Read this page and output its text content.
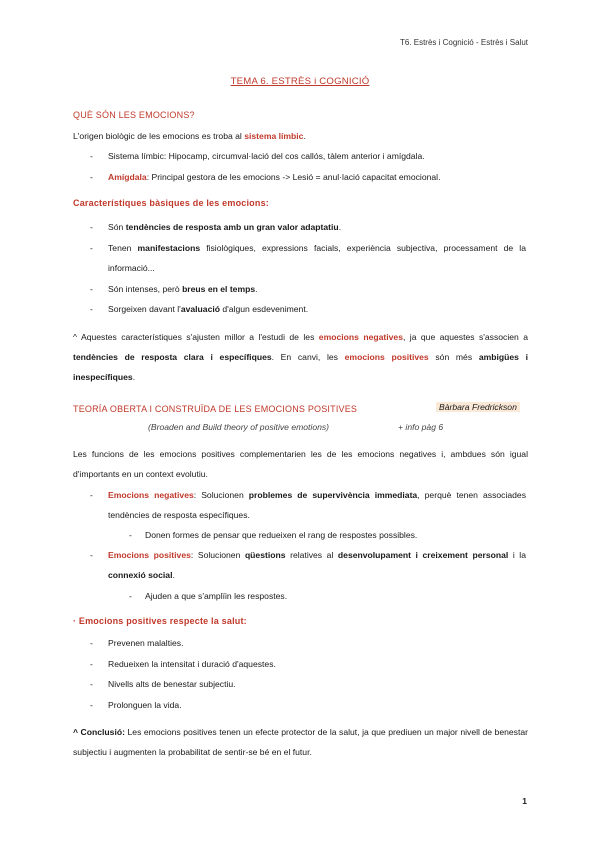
T6. Estrès i Cognició - Estrès i Salut
TEMA 6. ESTRÈS i COGNICIÓ
QUÈ SÓN LES EMOCIONS?
L'origen biològic de les emocions es troba al sistema límbic.
- Sistema límbic: Hipocamp, circumval·lació del cos callós, tàlem anterior i amígdala.
- Amígdala: Principal gestora de les emocions -> Lesió = anul·lació capacitat emocional.
Característiques bàsiques de les emocions:
- Són tendències de resposta amb un gran valor adaptatiu.
- Tenen manifestacions fisiològiques, expressions facials, experiència subjectiva, processament de la informació...
- Són intenses, però breus en el temps.
- Sorgeixen davant l'avaluació d'algun esdeveniment.
^ Aquestes característiques s'ajusten millor a l'estudi de les emocions negatives, ja que aquestes s'associen a tendències de resposta clara i específiques. En canvi, les emocions positives són més ambigües i inespecífiques.
TEORÍA OBERTA I CONSTRUÏDA DE LES EMOCIONS POSITIVES	Bàrbara Fredrickson
(Broaden and Build theory of positive emotions)	+ info pàg 6
Les funcions de les emocions positives complementarien les de les emocions negatives i, ambdues són igual d'importants en un context evolutiu.
- Emocions negatives: Solucionen problemes de supervivència immediata, perquè tenen associades tendències de resposta específiques.
- Donen formes de pensar que redueixen el rang de respostes possibles.
- Emocions positives: Solucionen qüestions relatives al desenvolupament i creixement personal i la connexió social.
- Ajuden a que s'amplïin les respostes.
· Emocions positives respecte la salut:
- Prevenen malalties.
- Redueixen la intensitat i duració d'aquestes.
- Nivells alts de benestar subjectiu.
- Prolonguen la vida.
^ Conclusió: Les emocions positives tenen un efecte protector de la salut, ja que prediuen un major nivell de benestar subjectiu i augmenten la probabilitat de sentir-se bé en el futur.
1
